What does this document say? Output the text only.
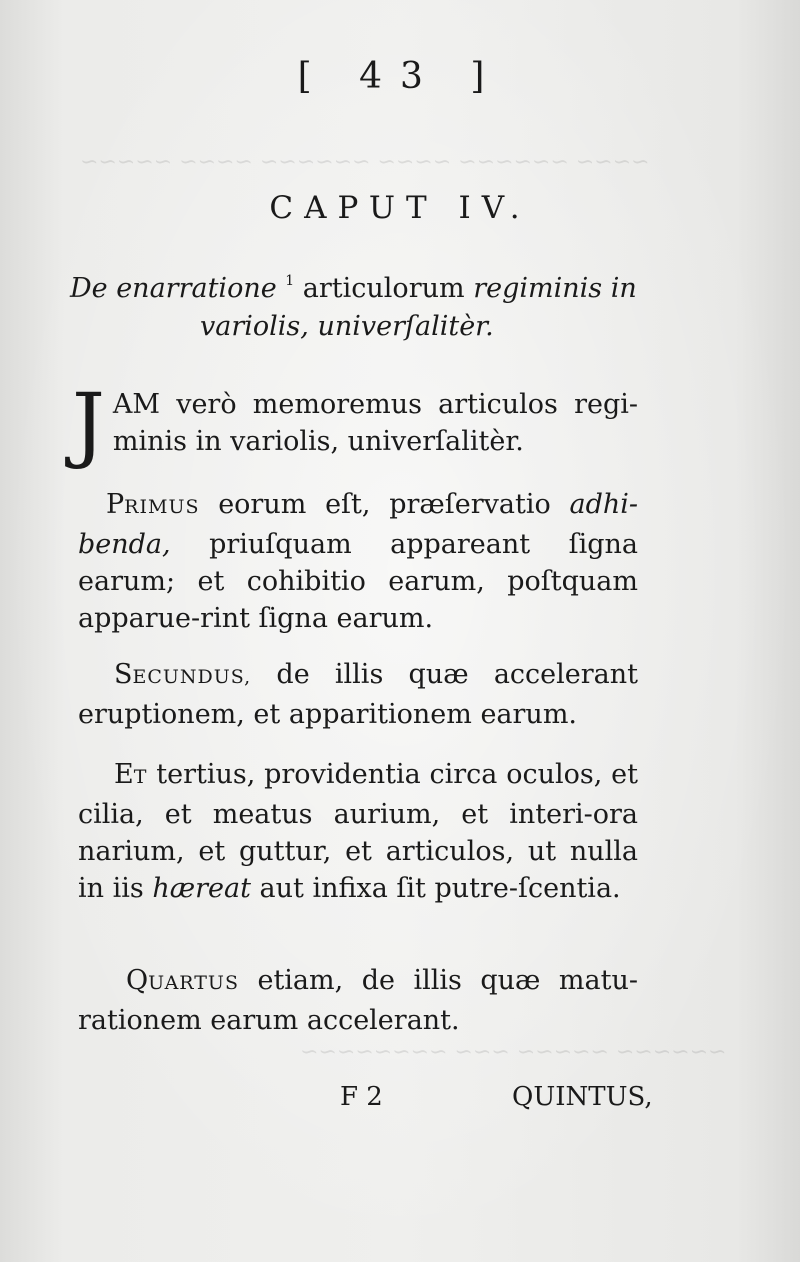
~~~~ ~~~~~~ ~~~~ ~~~~~~ ~~~~ ~~~~~
~~~~~~ ~~~~~ ~~~ ~~~~~~~~
[ 43 ]
CAPUT IV.
De enarratione $^1$ articulorum regiminis in
variolis, univerſalitèr.
JAM verò memoremus articulos regi-minis in variolis, univerſalitèr.
PRIMUS eorum eſt, præſervatio adhi-benda, priuſquam appareant ſigna earum; et cohibitio earum, poſtquam apparue-rint ſigna earum.
SECUNDUS, de illis quæ accelerant eruptionem, et apparitionem earum.
ET tertius, providentia circa oculos, et cilia, et meatus aurium, et interi-ora narium, et guttur, et articulos, ut nulla in iis hæreat aut infixa ſit putre-ſcentia.
QUARTUS etiam, de illis quæ matu-rationem earum accelerant.
F 2	QUINTUS,
